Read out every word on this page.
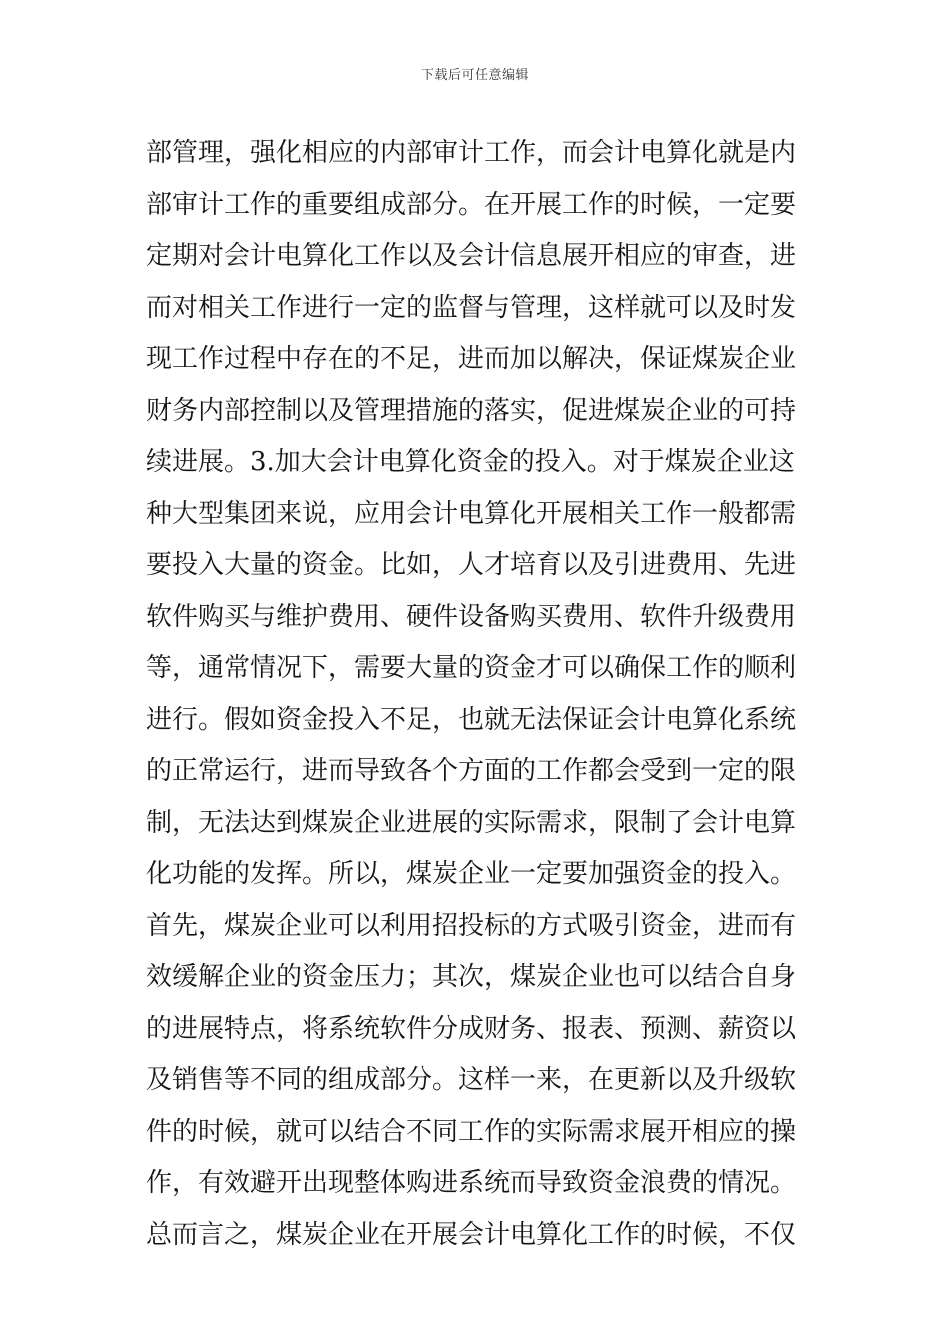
下载后可任意编辑
部管理，强化相应的内部审计工作，而会计电算化就是内
部审计工作的重要组成部分。在开展工作的时候，一定要
定期对会计电算化工作以及会计信息展开相应的审查，进
而对相关工作进行一定的监督与管理，这样就可以及时发
现工作过程中存在的不足，进而加以解决，保证煤炭企业
财务内部控制以及管理措施的落实，促进煤炭企业的可持
续进展。3.加大会计电算化资金的投入。对于煤炭企业这
种大型集团来说，应用会计电算化开展相关工作一般都需
要投入大量的资金。比如，人才培育以及引进费用、先进
软件购买与维护费用、硬件设备购买费用、软件升级费用
等，通常情况下，需要大量的资金才可以确保工作的顺利
进行。假如资金投入不足，也就无法保证会计电算化系统
的正常运行，进而导致各个方面的工作都会受到一定的限
制，无法达到煤炭企业进展的实际需求，限制了会计电算
化功能的发挥。所以，煤炭企业一定要加强资金的投入。
首先，煤炭企业可以利用招投标的方式吸引资金，进而有
效缓解企业的资金压力；其次，煤炭企业也可以结合自身
的进展特点，将系统软件分成财务、报表、预测、薪资以
及销售等不同的组成部分。这样一来，在更新以及升级软
件的时候，就可以结合不同工作的实际需求展开相应的操
作，有效避开出现整体购进系统而导致资金浪费的情况。
总而言之，煤炭企业在开展会计电算化工作的时候，不仅
